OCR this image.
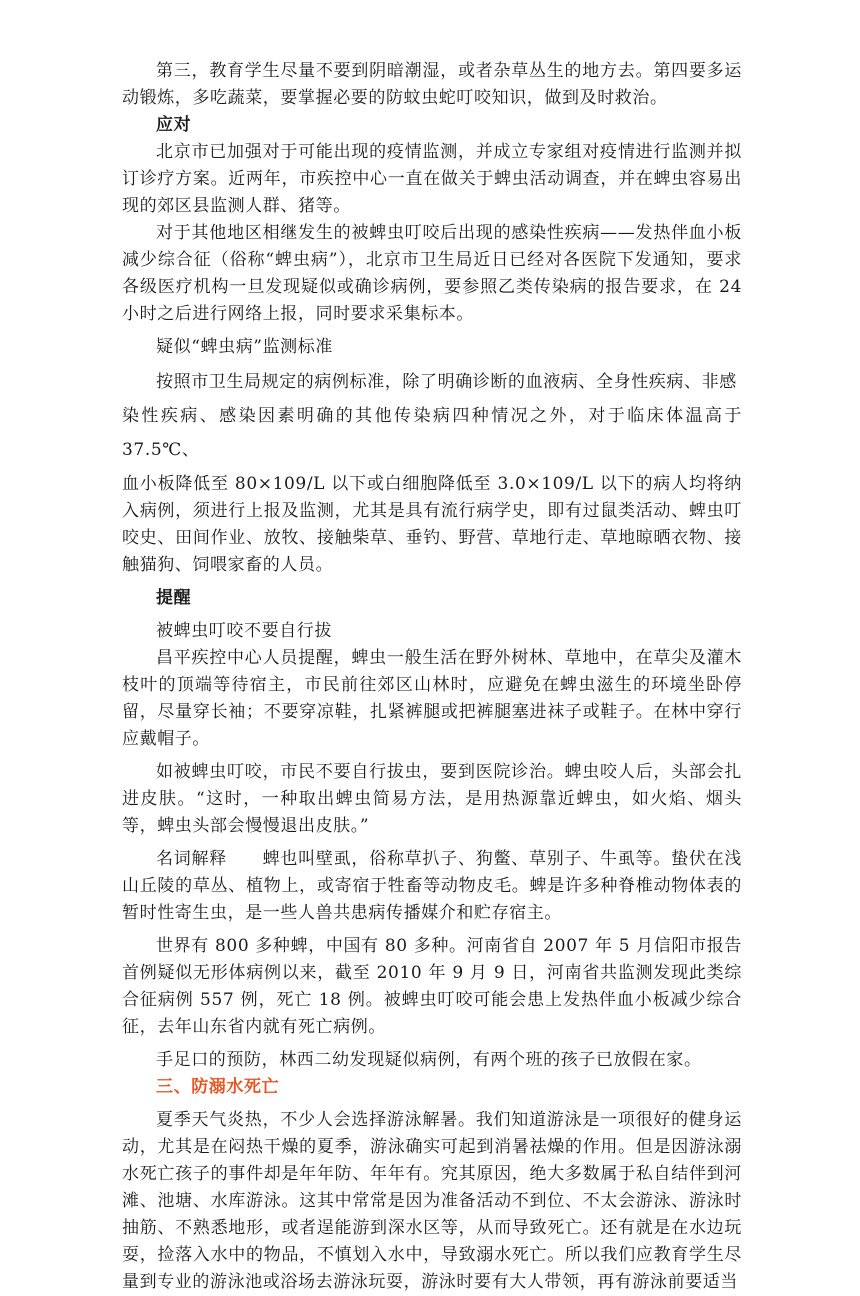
第三，教育学生尽量不要到阴暗潮湿，或者杂草丛生的地方去。第四要多运动锻炼，多吃蔬菜，要掌握必要的防蚊虫蛇叮咬知识，做到及时救治。

应对

北京市已加强对于可能出现的疫情监测，并成立专家组对疫情进行监测并拟订诊疗方案。近两年，市疾控中心一直在做关于蜱虫活动调查，并在蜱虫容易出现的郊区县监测人群、猪等。

对于其他地区相继发生的被蜱虫叮咬后出现的感染性疾病——发热伴血小板减少综合征（俗称“蜱虫病”），北京市卫生局近日已经对各医院下发通知，要求各级医疗机构一旦发现疑似或确诊病例，要参照乙类传染病的报告要求，在 24 小时之后进行网络上报，同时要求采集标本。

疑似“蜱虫病”监测标准

按照市卫生局规定的病例标准，除了明确诊断的血液病、全身性疾病、非感

染性疾病、感染因素明确的其他传染病四种情况之外，对于临床体温高于 37.5℃、

血小板降低至 80×109/L 以下或白细胞降低至 3.0×109/L 以下的病人均将纳入病例，须进行上报及监测，尤其是具有流行病学史，即有过鼠类活动、蜱虫叮咬史、田间作业、放牧、接触柴草、垂钓、野营、草地行走、草地晾晒衣物、接触猫狗、饲喂家畜的人员。

提醒

被蜱虫叮咬不要自行拔

昌平疾控中心人员提醒，蜱虫一般生活在野外树林、草地中，在草尖及灌木枝叶的顶端等待宿主，市民前往郊区山林时，应避免在蜱虫滋生的环境坐卧停留，尽量穿长袖；不要穿凉鞋，扎紧裤腿或把裤腿塞进袜子或鞋子。在林中穿行应戴帽子。

如被蜱虫叮咬，市民不要自行拔虫，要到医院诊治。蜱虫咬人后，头部会扎进皮肤。“这时，一种取出蜱虫简易方法，是用热源靠近蜱虫，如火焰、烟头等，蜱虫头部会慢慢退出皮肤。”

名词解释　　蜱也叫壁虱，俗称草扒子、狗鳖、草别子、牛虱等。蛰伏在浅山丘陵的草丛、植物上，或寄宿于牲畜等动物皮毛。蜱是许多种脊椎动物体表的暂时性寄生虫，是一些人兽共患病传播媒介和贮存宿主。

世界有 800 多种蜱，中国有 80 多种。河南省自 2007 年 5 月信阳市报告首例疑似无形体病例以来，截至 2010 年 9 月 9 日，河南省共监测发现此类综合征病例 557 例，死亡 18 例。被蜱虫叮咬可能会患上发热伴血小板减少综合征，去年山东省内就有死亡病例。

手足口的预防，林西二幼发现疑似病例，有两个班的孩子已放假在家。

三、防溺水死亡

夏季天气炎热，不少人会选择游泳解暑。我们知道游泳是一项很好的健身运动，尤其是在闷热干燥的夏季，游泳确实可起到消暑祛燥的作用。但是因游泳溺水死亡孩子的事件却是年年防、年年有。究其原因，绝大多数属于私自结伴到河滩、池塘、水库游泳。这其中常常是因为准备活动不到位、不太会游泳、游泳时抽筋、不熟悉地形，或者逞能游到深水区等，从而导致死亡。还有就是在水边玩耍，捡落入水中的物品，不慎划入水中，导致溺水死亡。所以我们应教育学生尽量到专业的游泳池或浴场去游泳玩耍，游泳时要有大人带领，再有游泳前要适当
